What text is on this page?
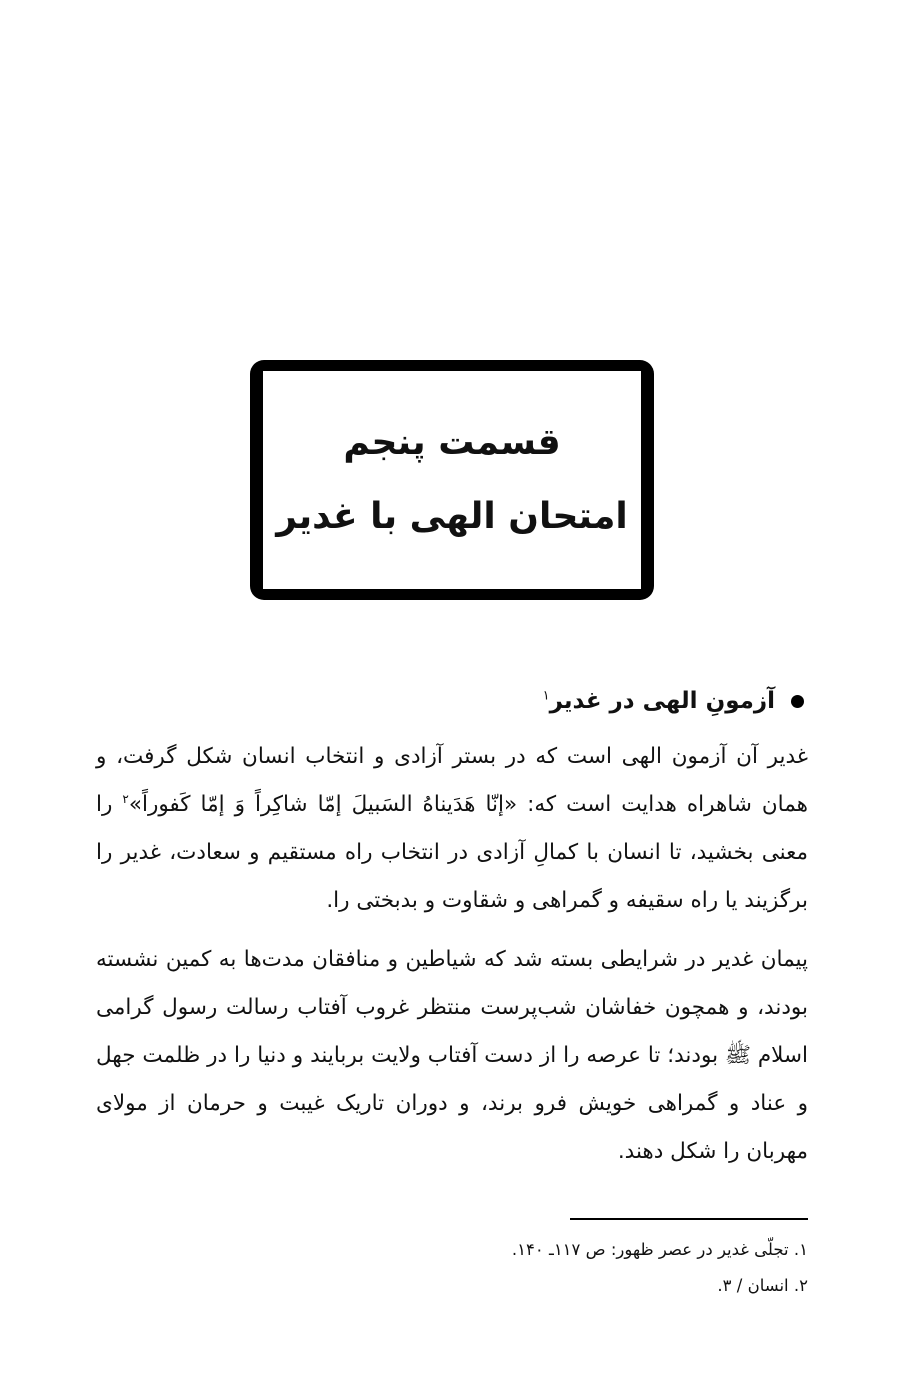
قسمت پنجم
امتحان الهی با غدیر
آزمونِ الهی در غدیر$^۱$
غدیر آن آزمون الهی است که در بستر آزادی و انتخاب انسان شکل گرفت، و همان شاهراه هدایت است که: «إنّا هَدَیناهُ السَبیلَ إمّا شاکِراً وَ إمّا کَفوراً»$^۲$ را معنی بخشید، تا انسان با کمالِ آزادی در انتخاب راه مستقیم و سعادت، غدیر را برگزیند یا راه سقیفه و گمراهی و شقاوت و بدبختی را.
پیمان غدیر در شرایطی بسته شد که شیاطین و منافقان مدت‌ها به کمین نشسته بودند، و همچون خفاشان شب‌پرست منتظر غروب آفتاب رسالت رسول گرامی اسلام ﷺ بودند؛ تا عرصه را از دست آفتاب ولایت بربایند و دنیا را در ظلمت جهل و عناد و گمراهی خویش فرو برند، و دوران تاریک غیبت و حرمان از مولای مهربان را شکل دهند.
۱. تجلّی غدیر در عصر ظهور: ص ۱۱۷ـ ۱۴۰.
۲. انسان / ۳.
